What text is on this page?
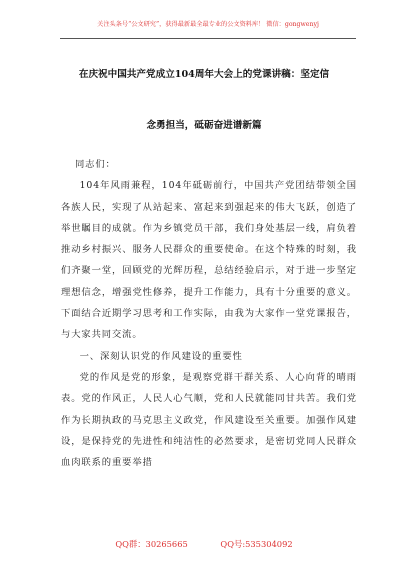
关注头条号“公文研究”，获得最新最全最专业的公文资料库！ 微信：gongwenyj
在庆祝中国共产党成立104周年大会上的党课讲稿：坚定信
念勇担当，砥砺奋进谱新篇

同志们：

104年风雨兼程，104年砥砺前行，中国共产党团结带领全国各族人民，实现了从站起来、富起来到强起来的伟大飞跃，创造了举世瞩目的成就。作为乡镇党员干部，我们身处基层一线，肩负着推动乡村振兴、服务人民群众的重要使命。在这个特殊的时刻，我们齐聚一堂，回顾党的光辉历程，总结经验启示，对于进一步坚定理想信念，增强党性修养，提升工作能力，具有十分重要的意义。下面结合近期学习思考和工作实际，由我为大家作一堂党课报告，与大家共同交流。

一、深刻认识党的作风建设的重要性

党的作风是党的形象，是观察党群干群关系、人心向背的晴雨表。党的作风正，人民人心气顺，党和人民就能同甘共苦。我们党作为长期执政的马克思主义政党，作风建设至关重要。加强作风建设，是保持党的先进性和纯洁性的必然要求，是密切党同人民群众血肉联系的重要举措

QQ群：30265665	QQ号:535304092
